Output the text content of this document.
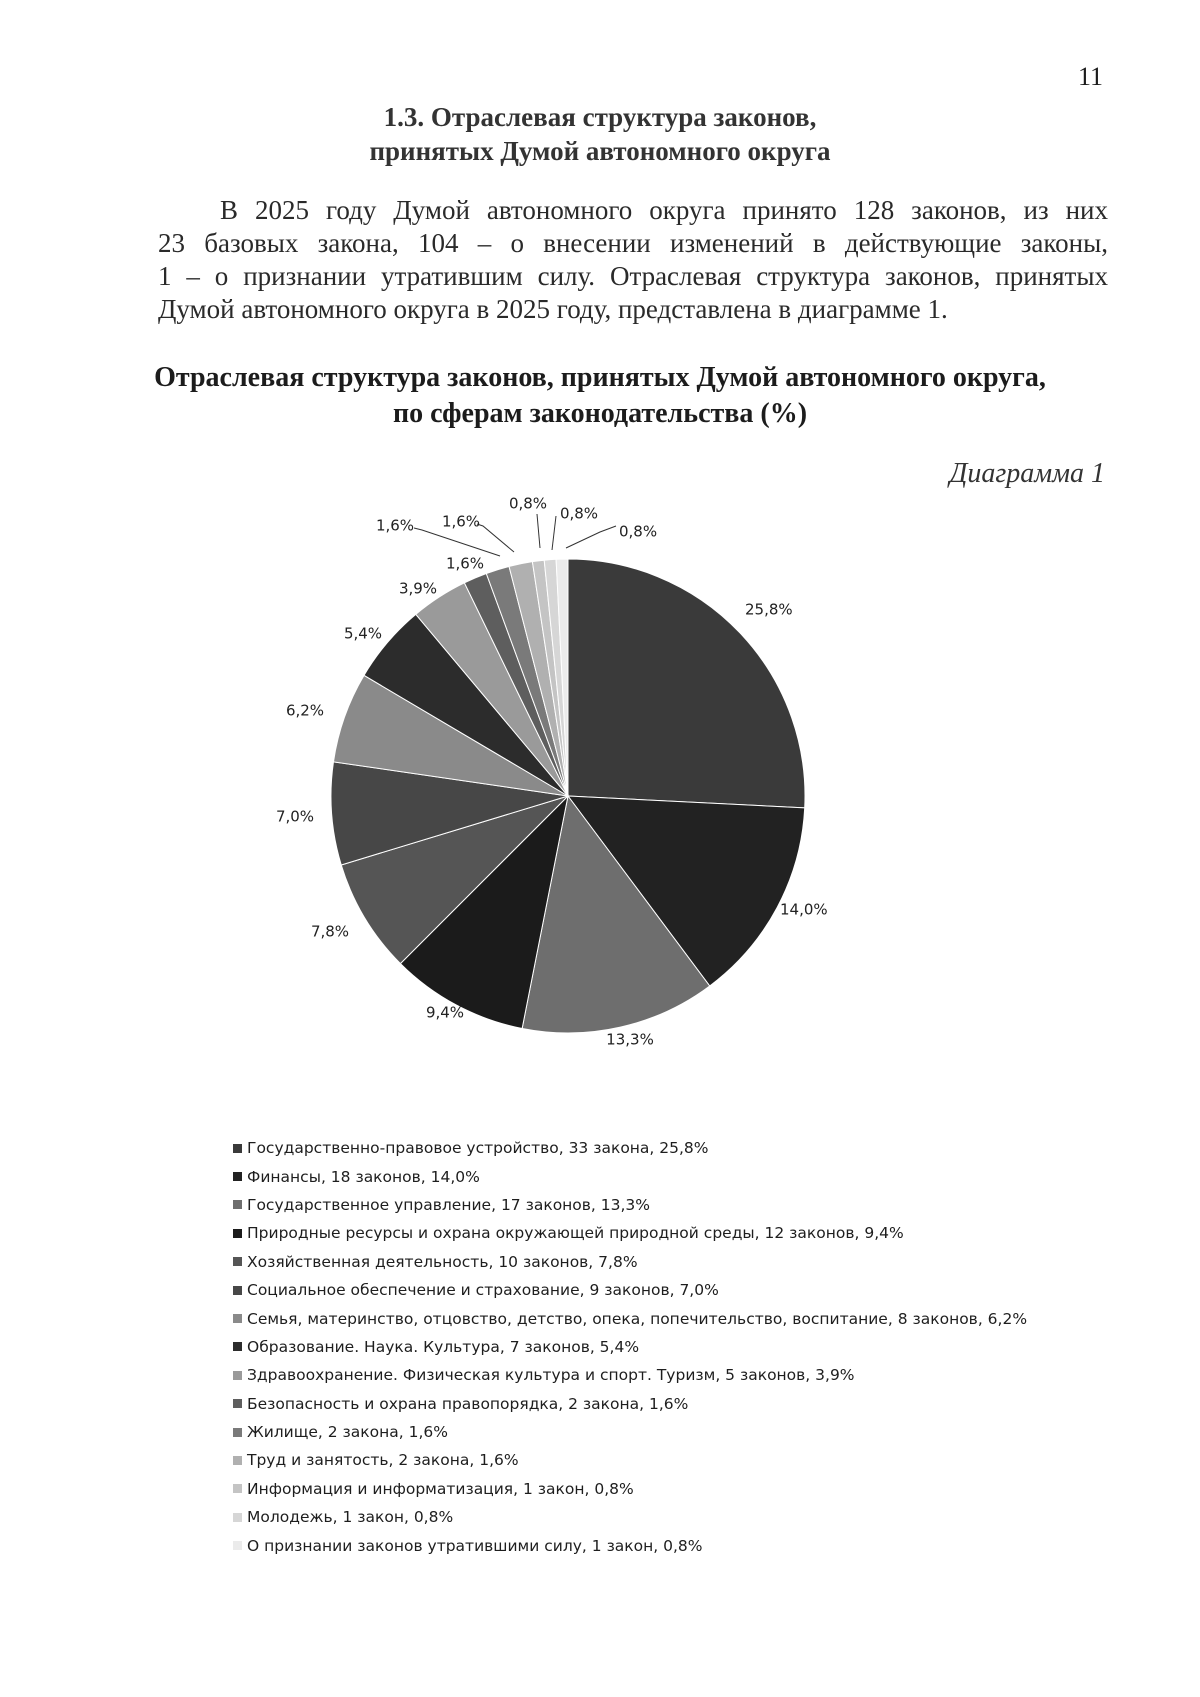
11
1.3. Отраслевая структура законов,
принятых Думой автономного округа
В 2025 году Думой автономного округа принято 128 законов, из них
23 базовых закона, 104 – о внесении изменений в действующие законы,
1 – о признании утратившим силу. Отраслевая структура законов, принятых
Думой автономного округа в 2025 году, представлена в диаграмме 1.
Отраслевая структура законов, принятых Думой автономного округа,
по сферам законодательства (%)
Диаграмма 1
25,8%
14,0%
13,3%
9,4%
7,8%
7,0%
6,2%
5,4%
3,9%
1,6% 1,6%
1,6%
0,8%
0,8%
0,8%
Государственно-правовое устройство, 33 закона, 25,8%
Финансы, 18 законов, 14,0%
Государственное управление, 17 законов, 13,3%
Природные ресурсы и охрана окружающей природной среды, 12 законов, 9,4%
Хозяйственная деятельность, 10 законов, 7,8%
Социальное обеспечение и страхование, 9 законов, 7,0%
Семья, материнство, отцовство, детство, опека, попечительство, воспитание, 8 законов, 6,2%
Образование. Наука. Культура, 7 законов, 5,4%
Здравоохранение. Физическая культура и спорт. Туризм, 5 законов, 3,9%
Безопасность и охрана правопорядка, 2 закона, 1,6%
Жилище, 2 закона, 1,6%
Труд и занятость, 2 закона, 1,6%
Информация и информатизация, 1 закон, 0,8%
Молодежь, 1 закон, 0,8%
О признании законов утратившими силу, 1 закон, 0,8%
